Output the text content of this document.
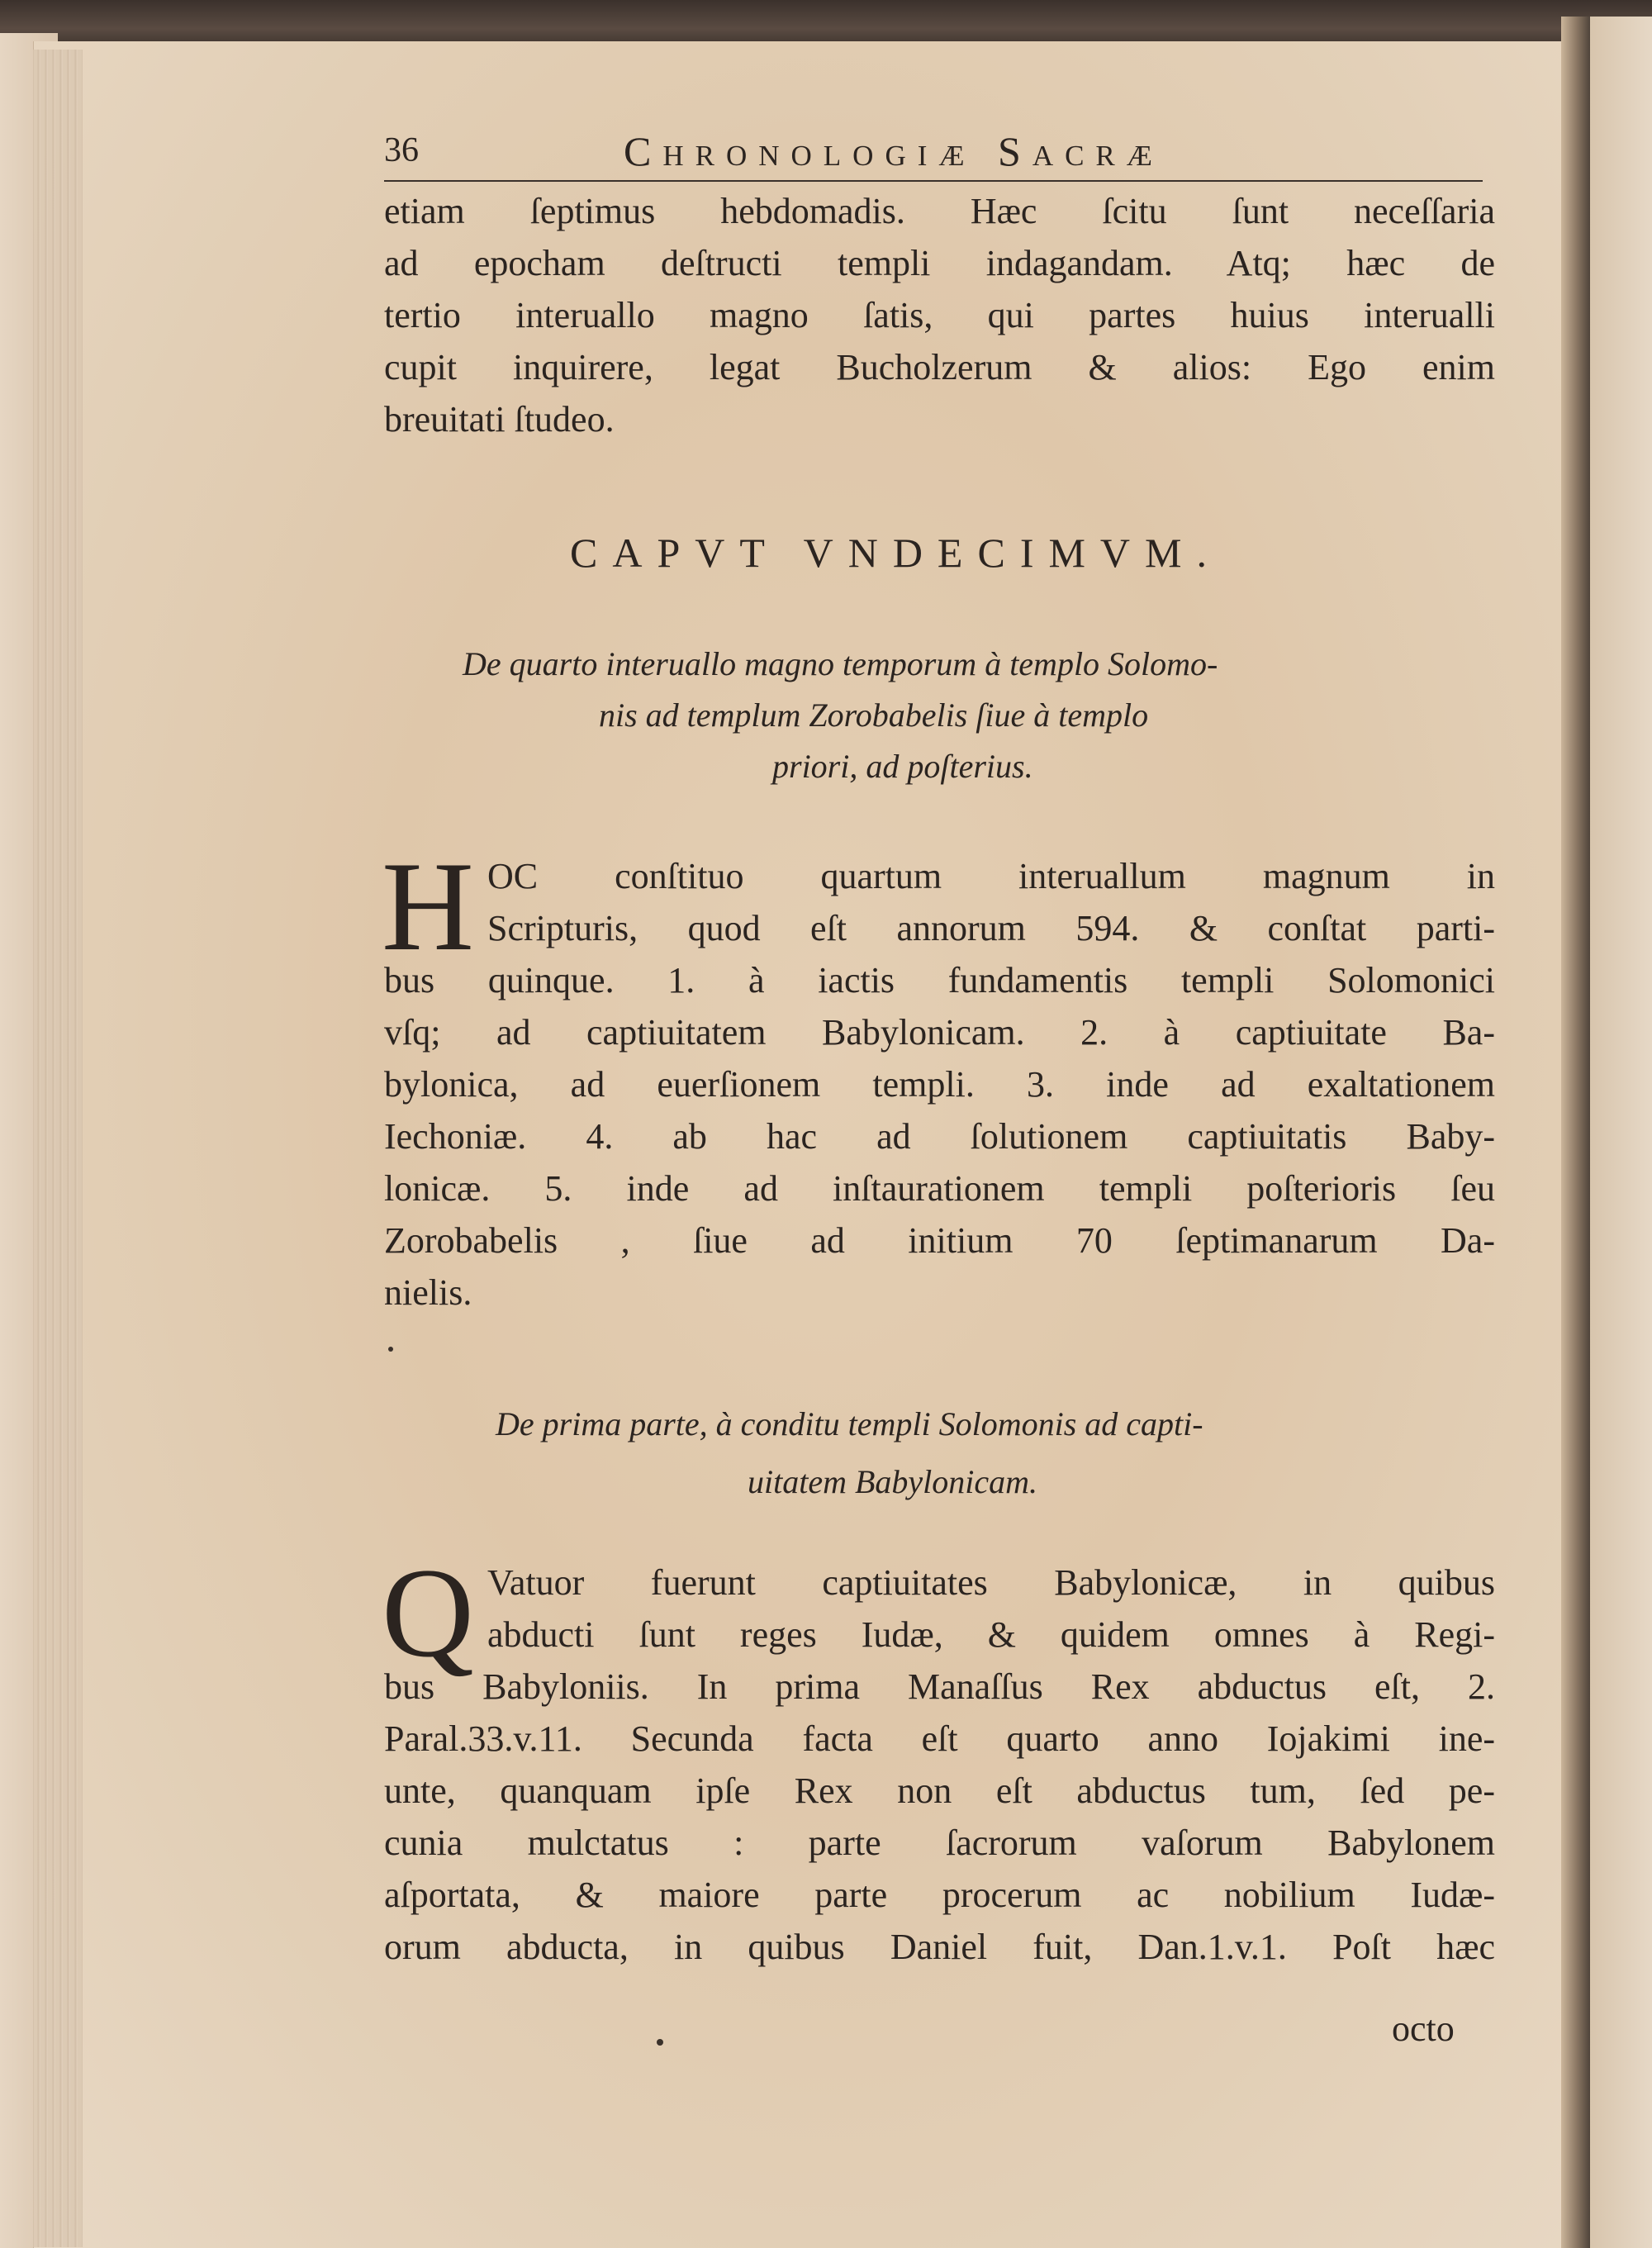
36	Chronologiæ Sacræ
etiam ſeptimus hebdomadis. Hæc ſcitu ſunt neceſſaria
ad epocham deſtructi templi indagandam. Atq; hæc de
tertio interuallo magno ſatis, qui partes huius interualli
cupit inquirere, legat Bucholzerum & alios: Ego enim
breuitati ſtudeo.
CAPVT VNDECIMVM.
De quarto interuallo magno temporum à templo Solomo-
nis ad templum Zorobabelis ſiue à templo
priori, ad poſterius.
H OC conſtituo quartum interuallum magnum in
Scripturis, quod eſt annorum 594. & conſtat parti-
bus quinque. 1. à iactis fundamentis templi Solomonici
vſq; ad captiuitatem Babylonicam. 2. à captiuitate Ba-
bylonica, ad euerſionem templi. 3. inde ad exaltationem
Iechoniæ. 4. ab hac ad ſolutionem captiuitatis Baby-
lonicæ. 5. inde ad inſtaurationem templi poſterioris ſeu
Zorobabelis , ſiue ad initium 70 ſeptimanarum Da-
nielis.
De prima parte, à conditu templi Solomonis ad capti-
uitatem Babylonicam.
Q Vatuor fuerunt captiuitates Babylonicæ, in quibus
abducti ſunt reges Iudæ, & quidem omnes à Regi-
bus Babyloniis. In prima Manaſſus Rex abductus eſt, 2.
Paral.33.v.11. Secunda facta eſt quarto anno Iojakimi ine-
unte, quanquam ipſe Rex non eſt abductus tum, ſed pe-
cunia mulctatus : parte ſacrorum vaſorum Babylonem
aſportata, & maiore parte procerum ac nobilium Iudæ-
orum abducta, in quibus Daniel fuit, Dan.1.v.1. Poſt hæc
octo
